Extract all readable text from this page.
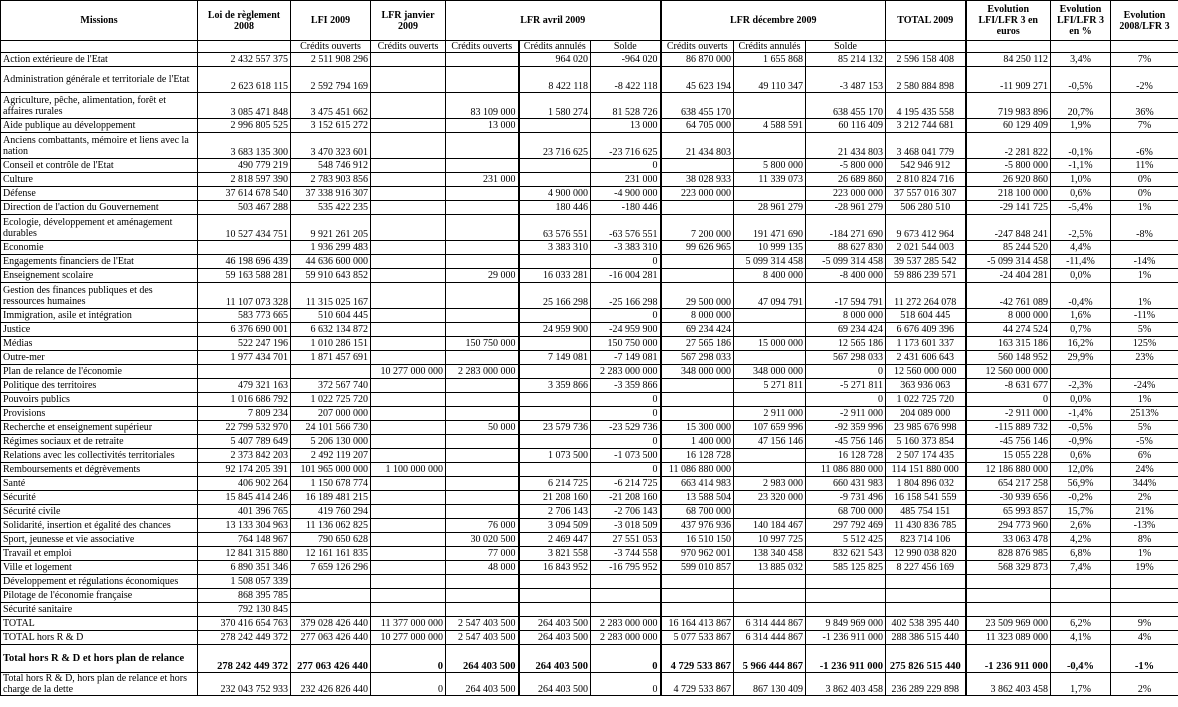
Missions	Loi de règlement 2008	LFI 2009	LFR janvier 2009	LFR avril 2009			LFR décembre 2009			TOTAL 2009	Evolution LFI/LFR 3 en euros	Evolution LFI/LFR 3 en %	Evolution 2008/LFR 3
		Crédits ouverts	Crédits ouverts	Crédits ouverts	Crédits annulés	Solde	Crédits ouverts	Crédits annulés	Solde				
Action extérieure de l'Etat	2 432 557 375	2 511 908 296			964 020	-964 020	86 870 000	1 655 868	85 214 132	2 596 158 408	84 250 112	3,4%	7%
Administration générale et territoriale de l'Etat	2 623 618 115	2 592 794 169			8 422 118	-8 422 118	45 623 194	49 110 347	-3 487 153	2 580 884 898	-11 909 271	-0,5%	-2%
Agriculture, pêche, alimentation, forêt et affaires rurales	3 085 471 848	3 475 451 662		83 109 000	1 580 274	81 528 726	638 455 170		638 455 170	4 195 435 558	719 983 896	20,7%	36%
Aide publique au développement	2 996 805 525	3 152 615 272		13 000		13 000	64 705 000	4 588 591	60 116 409	3 212 744 681	60 129 409	1,9%	7%
Anciens combattants, mémoire et liens avec la nation	3 683 135 300	3 470 323 601			23 716 625	-23 716 625	21 434 803		21 434 803	3 468 041 779	-2 281 822	-0,1%	-6%
Conseil et contrôle de l'Etat	490 779 219	548 746 912				0		5 800 000	-5 800 000	542 946 912	-5 800 000	-1,1%	11%
Culture	2 818 597 390	2 783 903 856		231 000		231 000	38 028 933	11 339 073	26 689 860	2 810 824 716	26 920 860	1,0%	0%
Défense	37 614 678 540	37 338 916 307			4 900 000	-4 900 000	223 000 000		223 000 000	37 557 016 307	218 100 000	0,6%	0%
Direction de l'action du Gouvernement	503 467 288	535 422 235			180 446	-180 446		28 961 279	-28 961 279	506 280 510	-29 141 725	-5,4%	1%
Ecologie, développement et aménagement durables	10 527 434 751	9 921 261 205			63 576 551	-63 576 551	7 200 000	191 471 690	-184 271 690	9 673 412 964	-247 848 241	-2,5%	-8%
Economie		1 936 299 483			3 383 310	-3 383 310	99 626 965	10 999 135	88 627 830	2 021 544 003	85 244 520	4,4%	
Engagements financiers de l'Etat	46 198 696 439	44 636 600 000				0		5 099 314 458	-5 099 314 458	39 537 285 542	-5 099 314 458	-11,4%	-14%
Enseignement scolaire	59 163 588 281	59 910 643 852		29 000	16 033 281	-16 004 281		8 400 000	-8 400 000	59 886 239 571	-24 404 281	0,0%	1%
Gestion des finances publiques et des ressources humaines	11 107 073 328	11 315 025 167			25 166 298	-25 166 298	29 500 000	47 094 791	-17 594 791	11 272 264 078	-42 761 089	-0,4%	1%
Immigration, asile et intégration	583 773 665	510 604 445				0	8 000 000		8 000 000	518 604 445	8 000 000	1,6%	-11%
Justice	6 376 690 001	6 632 134 872			24 959 900	-24 959 900	69 234 424		69 234 424	6 676 409 396	44 274 524	0,7%	5%
Médias	522 247 196	1 010 286 151		150 750 000		150 750 000	27 565 186	15 000 000	12 565 186	1 173 601 337	163 315 186	16,2%	125%
Outre-mer	1 977 434 701	1 871 457 691			7 149 081	-7 149 081	567 298 033		567 298 033	2 431 606 643	560 148 952	29,9%	23%
Plan de relance de l'économie			10 277 000 000	2 283 000 000		2 283 000 000	348 000 000	348 000 000	0	12 560 000 000	12 560 000 000		
Politique des territoires	479 321 163	372 567 740			3 359 866	-3 359 866		5 271 811	-5 271 811	363 936 063	-8 631 677	-2,3%	-24%
Pouvoirs publics	1 016 686 792	1 022 725 720				0			0	1 022 725 720	0	0,0%	1%
Provisions	7 809 234	207 000 000				0		2 911 000	-2 911 000	204 089 000	-2 911 000	-1,4%	2513%
Recherche et enseignement supérieur	22 799 532 970	24 101 566 730		50 000	23 579 736	-23 529 736	15 300 000	107 659 996	-92 359 996	23 985 676 998	-115 889 732	-0,5%	5%
Régimes sociaux et de retraite	5 407 789 649	5 206 130 000				0	1 400 000	47 156 146	-45 756 146	5 160 373 854	-45 756 146	-0,9%	-5%
Relations avec les collectivités territoriales	2 373 842 203	2 492 119 207			1 073 500	-1 073 500	16 128 728		16 128 728	2 507 174 435	15 055 228	0,6%	6%
Remboursements et dégrèvements	92 174 205 391	101 965 000 000	1 100 000 000			0	11 086 880 000		11 086 880 000	114 151 880 000	12 186 880 000	12,0%	24%
Santé	406 902 264	1 150 678 774			6 214 725	-6 214 725	663 414 983	2 983 000	660 431 983	1 804 896 032	654 217 258	56,9%	344%
Sécurité	15 845 414 246	16 189 481 215			21 208 160	-21 208 160	13 588 504	23 320 000	-9 731 496	16 158 541 559	-30 939 656	-0,2%	2%
Sécurité civile	401 396 765	419 760 294			2 706 143	-2 706 143	68 700 000		68 700 000	485 754 151	65 993 857	15,7%	21%
Solidarité, insertion et égalité des chances	13 133 304 963	11 136 062 825		76 000	3 094 509	-3 018 509	437 976 936	140 184 467	297 792 469	11 430 836 785	294 773 960	2,6%	-13%
Sport, jeunesse et vie associative	764 148 967	790 650 628		30 020 500	2 469 447	27 551 053	16 510 150	10 997 725	5 512 425	823 714 106	33 063 478	4,2%	8%
Travail et emploi	12 841 315 880	12 161 161 835		77 000	3 821 558	-3 744 558	970 962 001	138 340 458	832 621 543	12 990 038 820	828 876 985	6,8%	1%
Ville et logement	6 890 351 346	7 659 126 296		48 000	16 843 952	-16 795 952	599 010 857	13 885 032	585 125 825	8 227 456 169	568 329 873	7,4%	19%
Développement et régulations économiques	1 508 057 339												
Pilotage de l'économie française	868 395 785												
Sécurité sanitaire	792 130 845												
TOTAL	370 416 654 763	379 028 426 440	11 377 000 000	2 547 403 500	264 403 500	2 283 000 000	16 164 413 867	6 314 444 867	9 849 969 000	402 538 395 440	23 509 969 000	6,2%	9%
TOTAL hors R & D	278 242 449 372	277 063 426 440	10 277 000 000	2 547 403 500	264 403 500	2 283 000 000	5 077 533 867	6 314 444 867	-1 236 911 000	288 386 515 440	11 323 089 000	4,1%	4%
Total hors R & D et hors plan de relance	278 242 449 372	277 063 426 440	0	264 403 500	264 403 500	0	4 729 533 867	5 966 444 867	-1 236 911 000	275 826 515 440	-1 236 911 000	-0,4%	-1%
Total hors R & D, hors plan de relance et hors charge de la dette	232 043 752 933	232 426 826 440	0	264 403 500	264 403 500	0	4 729 533 867	867 130 409	3 862 403 458	236 289 229 898	3 862 403 458	1,7%	2%
